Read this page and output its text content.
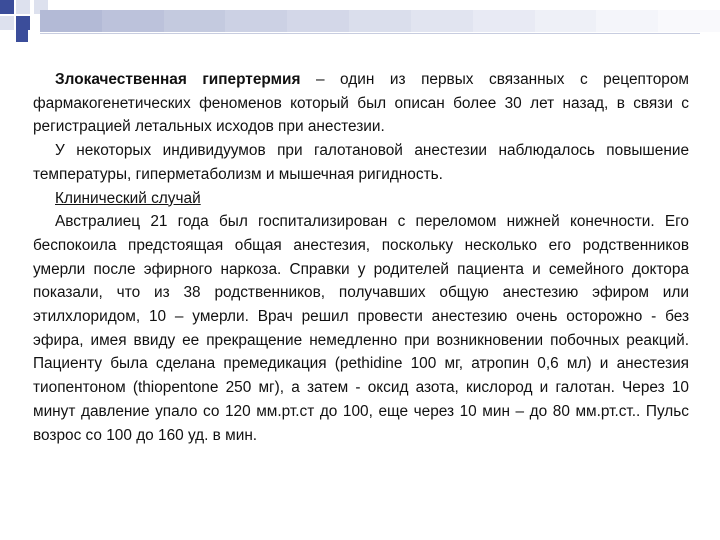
Злокачественная гипертермия – один из первых связанных с рецептором фармакогенетических феноменов который был описан более 30 лет назад, в связи с регистрацией летальных исходов при анестезии.

У некоторых индивидуумов при галотановой анестезии наблюдалось повышение температуры, гиперметаболизм и мышечная ригидность.

Клинический случай

Австралиец 21 года был госпитализирован с переломом нижней конечности. Его беспокоила предстоящая общая анестезия, поскольку несколько его родственников умерли после эфирного наркоза. Справки у родителей пациента и семейного доктора показали, что из 38 родственников, получавших общую анестезию эфиром или этилхлоридом, 10 – умерли. Врач решил провести анестезию очень осторожно - без эфира, имея ввиду ее прекращение немедленно при возникновении побочных реакций. Пациенту была сделана премедикация (pethidine 100 мг, атропин 0,6 мл) и анестезия тиопентоном (thiopentone 250 мг), а затем - оксид азота, кислород и галотан. Через 10 минут давление упало со 120 мм.рт.ст до 100, еще через 10 мин – до 80 мм.рт.ст.. Пульс возрос со 100 до 160 уд. в мин.
